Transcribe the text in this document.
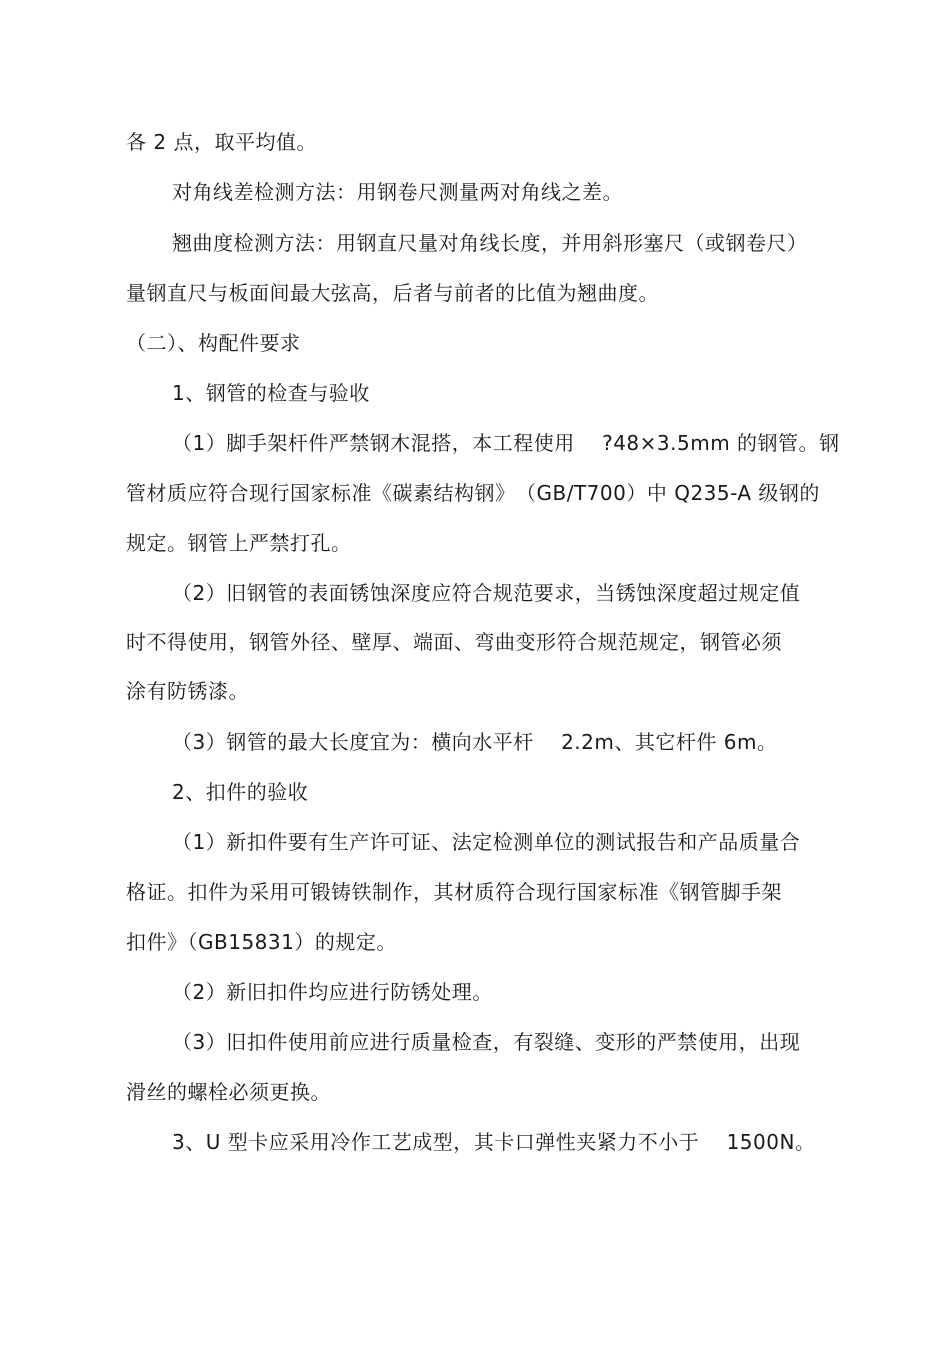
各 2 点，取平均值。
对角线差检测方法：用钢卷尺测量两对角线之差。
翘曲度检测方法：用钢直尺量对角线长度，并用斜形塞尺（或钢卷尺）
量钢直尺与板面间最大弦高，后者与前者的比值为翘曲度。
（二）、构配件要求
1、钢管的检查与验收
（1）脚手架杆件严禁钢木混搭，本工程使用　 ?48×3.5mm 的钢管。钢
管材质应符合现行国家标准《碳素结构钢》　（GB/T700）中 Q235-A 级钢的
规定。钢管上严禁打孔。
（2）旧钢管的表面锈蚀深度应符合规范要求，当锈蚀深度超过规定值
时不得使用，钢管外径、壁厚、端面、弯曲变形符合规范规定，钢管必须
涂有防锈漆。
（3）钢管的最大长度宜为：横向水平杆　 2.2m、其它杆件 6m。
2、扣件的验收
（1）新扣件要有生产许可证、法定检测单位的测试报告和产品质量合
格证。扣件为采用可锻铸铁制作，其材质符合现行国家标准《钢管脚手架
扣件》（GB15831）的规定。
（2）新旧扣件均应进行防锈处理。
（3）旧扣件使用前应进行质量检查，有裂缝、变形的严禁使用，出现
滑丝的螺栓必须更换。
3、U 型卡应采用冷作工艺成型，其卡口弹性夹紧力不小于　 1500N。
